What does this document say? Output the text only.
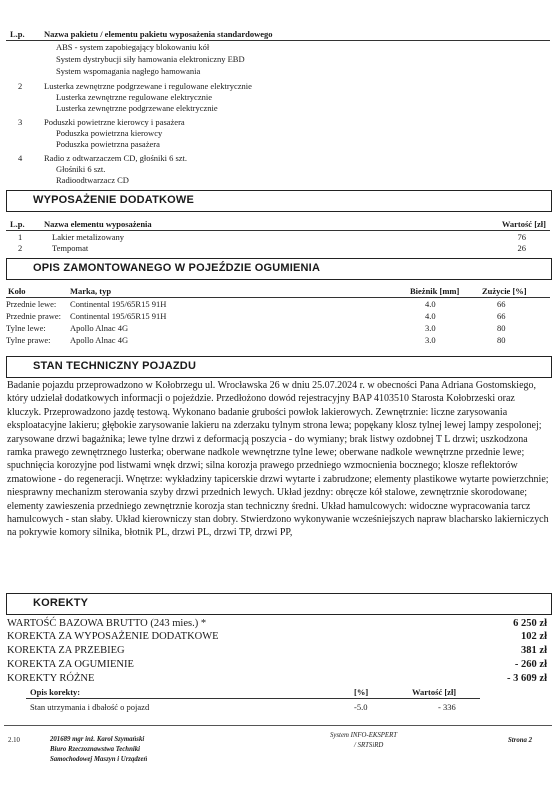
L.p. Nazwa pakietu / elementu pakietu wyposażenia standardowego
ABS - system zapobiegający blokowaniu kół
System dystrybucji siły hamowania elektroniczny EBD
System wspomagania nagłego hamowania
2	Lusterka zewnętrzne podgrzewane i regulowane elektrycznie
Lusterka zewnętrzne regulowane elektrycznie
Lusterka zewnętrzne podgrzewane elektrycznie
3	Poduszki powietrzne kierowcy i pasażera
Poduszka powietrzna kierowcy
Poduszka powietrzna pasażera
4	Radio z odtwarzaczem CD, głośniki 6 szt.
Głośniki 6 szt.
Radioodtwarzacz CD
WYPOSAŻENIE DODATKOWE
L.p. Nazwa elementu wyposażenia	Wartość [zł]
1	Lakier metalizowany	76
2	Tempomat	26
OPIS ZAMONTOWANEGO W POJEŹDZIE OGUMIENIA
Koło	Marka, typ	Bieżnik [mm]	Zużycie [%]
Przednie lewe: Continental 195/65R15 91H	4.0	66
Przednie prawe: Continental 195/65R15 91H	4.0	66
Tylne lewe:	Apollo Alnac 4G	3.0	80
Tylne prawe: Apollo Alnac 4G	3.0	80
STAN TECHNICZNY POJAZDU
Badanie pojazdu przeprowadzono w Kołobrzegu ul. Wrocławska 26 w dniu 25.07.2024 r. w obecności Pana Adriana Gostomskiego, który udzielał dodatkowych informacji o pojeździe. Przedłożono dowód rejestracyjny BAP 4103510 Starosta Kołobrzeski oraz kluczyk. Przeprowadzono jazdę testową. Wykonano badanie grubości powłok lakierowych. Zewnętrznie: liczne zarysowania eksploatacyjne lakieru; głębokie zarysowanie lakieru na zderzaku tylnym strona lewa; popękany klosz tylnej lewej lampy zespolonej; zarysowane drzwi bagażnika; lewe tylne drzwi z deformacją poszycia - do wymiany; brak listwy ozdobnej T L drzwi; uszkodzona ramka prawego zewnętrznego lusterka; oberwane nadkole wewnętrzne tylne lewe; oberwane nadkole wewnętrzne przednie lewe; spuchnięcia korozyjne pod listwami wnęk drzwi; silna korozja prawego przedniego wzmocnienia bocznego; klosze reflektorów zmatowione - do regeneracji. Wnętrze: wykładziny tapicerskie drzwi wytarte i zabrudzone; elementy plastikowe wytarte powierzchnie; niesprawny mechanizm sterowania szyby drzwi przednich lewych. Układ jezdny: obręcze kół stalowe, zewnętrznie skorodowane; elementy zawieszenia przedniego zewnętrznie korozja stan techniczny średni. Układ hamulcowych: widoczne wypracowania tarcz hamulcowych - stan słaby. Układ kierowniczy stan dobry. Stwierdzono wykonywanie wcześniejszych napraw blacharsko lakierniczych na pokrywie komory silnika, błotnik PL, drzwi PL, drzwi TP, drzwi PP,
KOREKTY
WARTOŚĆ BAZOWA BRUTTO (243 mies.) *	6 250 zł
KOREKTA ZA WYPOSAŻENIE DODATKOWE	102 zł
KOREKTA ZA PRZEBIEG	381 zł
KOREKTA ZA OGUMIENIE	- 260 zł
KOREKTY RÓŻNE	- 3 609 zł
Opis korekty:	[%]	Wartość [zł]
Stan utrzymania i dbałość o pojazd	-5.0	- 336
2.10	201689 mgr inż. Karol Szymański
Biuro Rzeczoznawstwa Techniki
Samochodowej Maszyn i Urządzeń
System INFO-EKSPERT
/ SRTSiRD
Strona 2
